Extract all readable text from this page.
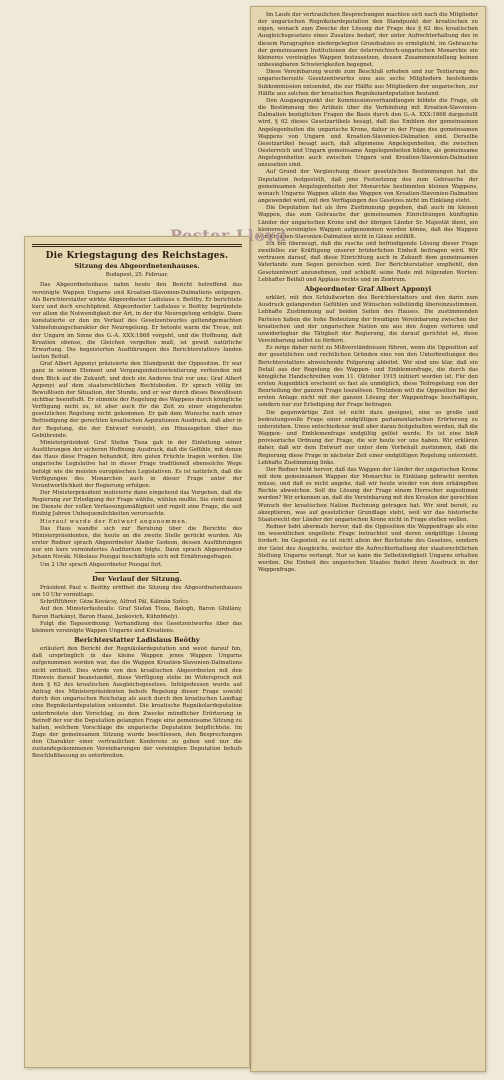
Im Laufe der vertraulichen Besprechungen machten sich nach die Mitglieder der ungarischen Regnikolardeputation den Standpunkt der kroatischen zu eigen, wonach zum Zwecke der Lösung der Frage des § 62 des kroatischen Ausgleichsgesetzes eines Zusatzes bedarf, der unter Aufrechterhaltung des in diesem Paragraphen niedergelegten Grundsatzes es ermöglicht, im Gebrauche der gemeinsamen Institutionen der österreichisch-ungarischen Monarchie ein kleineres vereinigtes Wappen festzusetzen, dessen Zusammenstellung keinen unbesiegbaren Schwierigkeiten begegnet.

Diese Vereinbarung wurde zum Beschluß erhoben und zur Textierung des ungarischerseits Gesetzentwurfes eine aus sechs Mitgliedern bestehende Subkommission entsendet, die zur Hälfte aus Mitgliedern der ungarischen, zur Hälfte aus solchen der kroatischen Regnikolardeputation bestand.

Den Ausgangspunkt der Kommissionsverhandlungen bildete die Frage, ob die Bestimmung des Artikels über die Verbindung mit Kroatien-Slavonien-Dalmatien bezüglichen Fragen die Basis durch den G.-A. XXX:1868 dargestellt wird, § 62 dieses Gesetzartikels besagt, daß das Emblem der gemeinsamen Angelegenheiten die ungarische Krone, daher in der Frage des gemeinsamen Wappens von Ungarn und Kroatien-Slavonien-Dalmatien sind. Derselbe Gesetzartikel besagt auch, daß allgemeine Angelegenheiten, die zwischen Oesterreich und Ungarn gemeinsame Angelegenheiten bilden, als gemeinsame Angelegenheiten auch zwischen Ungarn und Kroatien-Slavonien-Dalmatien anzusehen sind.

Auf Grund der Vergleichung dieser gesetzlichen Bestimmungen hat die Deputation festgestellt, daß jene Festsetzung des zum Gebrauche der gemeinsamen Angelegenheiten der Monarchie bestimmten kleinen Wappens, wonach Ungarns Wappen allein das Wappen von Kroatien-Slavonien-Dalmatien angewendet wird, mit den Verfügungen des Gesetzes nicht im Einklang steht.

Die Deputation hat als ihre Zustimmung gegeben, daß auch im kleinen Wappen, das zum Gebrauche der gemeinsamen Einrichtungen künftighin Länder der ungarischen Krone und der übrigen Länder Sr. Majestät dient, ein kleineres vereinigtes Wappen aufgenommen werden könne, daß das Wappen von Kroatien-Slavonien-Dalmatien nicht in Gänze entfällt.

Ich bin überzeugt, daß die rasche und befriedigende Lösung dieser Frage zweifellos zur Kräftigung unserer brüderlichen Einheit beitragen wird. Wir vertrauen darauf, daß diese Einrichtung auch in Zukunft dem gemeinsamen Vaterlande zum Segen gereichen wird. Der Berichterstatter empfiehlt, den Gesetzentwurf anzunehmen, und schließt seine Rede mit folgenden Worten: Lebhafter Beifall und Applaus rechts und im Zentrum.

Abgeordneter Graf Albert Apponyi

erklärt, mit den Schlußworten des Berichterstatters und den darin zum Ausdruck gelangenden Gefühlen und Wünschen vollständig übereinzustimmen. Lebhafte Zustimmung auf beiden Seiten des Hauses. Die zustimmenden Parteien haben die hohe Bedeutung der freudigen Vereinbarung zwischen der kroatischen und der ungarischen Nation nie aus den Augen verloren und unwiderlegbar die Tätigkeit der Regierung, die darauf gerichtet ist, diese Vereinbarung selbst zu fördern.

Es möge daher nicht zu Mißverständnissen führen, wenn die Opposition auf der gesetzlichen und rechtlichen Gründen eine von den Unterbreitungen des Berichterstatters abweichende Folgerung ableitet. Wir sind uns klar, daß ein Detail aus der Regelung des Wappen- und Emblemenfrage, die durch das königliche Handschreiben vom 11. Oktober 1915 initiiert worden ist. Für den ersten Augenblick erscheint es fast als unmöglich, diese Teilregelung von der Beurteilung der ganzen Frage loszulösen. Trotzdem will die Opposition bei der ersten Anlage nicht mit der ganzen Lösung der Wappenfrage beschäftigen, sondern nur zur Erledigung der Frage beitragen.

Die gegenwärtige Zeit ist nicht dazu geeignet, eine so große und bedeutungsvolle Frage einer endgültigen parlamentarischen Erörterung zu unterziehen. Umso entschiedener muß aber daran festgehalten werden, daß die Wappen- und Emblemenfrage endgültig gelöst werde. Es ist eine bloß provisorische Ordnung der Frage, die wir heute vor uns haben. Wir erklären daher, daß wir dem Entwurf nur unter dem Vorbehalt zustimmen, daß die Regierung diese Frage in nächster Zeit einer endgültigen Regelung unterzieht. Lebhafte Zustimmung links.

Der Redner hebt hervor, daß das Wappen der Länder der ungarischen Krone mit dem gemeinsamen Wappen der Monarchie in Einklang gebracht werden müsse, und daß es nicht angehe, daß wir heute wieder von dem erkämpften Rechte abweichen. Soll die Lösung der Frage einem Herrscher zugestimmt werden? Wir erkennen an, daß die Vereinbarung mit den Kroaten der gerechten Wunsch der kroatischen Nation Rechnung getragen hat. Wir sind bereit, zu akzeptieren, was auf gesetzlicher Grundlage steht, weil wir das historische Staatsrecht der Länder der ungarischen Krone nicht in Frage stellen wollen.

Redner hebt abermals hervor, daß die Opposition die Wappenfrage als eine im wesentlichen ungelöste Frage betrachtet und deren endgültige Lösung fordert. Im Gegenteil, es ist nicht allein der Buchstabe des Gesetzes, sondern der Geist des Ausgleichs, welcher die Aufrechterhaltung der staatsrechtlichen Stellung Ungarns verlangt. Nur so kann die Selbständigkeit Ungarns erhalten werden. Die Einheit des ungarischen Staates findet ihren Ausdruck in der Wappenfrage.

Die Kriegstagung des Reichstages.
Sitzung des Abgeordnetenhauses.
Budapest, 25. Februar.

Das Abgeordnetenhaus nahm heute den Bericht betreffend das vereinigte Wappen Ungarns und Kroatien-Slavonien-Dalmatiens entgegen. Als Berichterstatter wirkte Abgeordneter Ladislaus v. Beöthy. Er berichtete kurz und doch erschöpfend. Abgeordneter Ladislaus v. Beöthy begründete vor allem die Notwendigkeit der Art, in der die Neuregelung erfolgte. Dann konstatierte er den im Verlauf des Gesetzentwurfes geltendgemachten Vahnehmungscharakter der Neuregelung. Er betonte warm die Treue, mit der Ungarn im Sinne des G.-A. XXX:1868 vorgeht, und die Hoffnung, daß Kroatien ebenso, die Gleichen vergelten muß, ist gewiß natürliche Erwartung. Die begeisterten Ausführungen des Berichterstatters fanden lauten Beifall.

Graf Albert Apponyi präzisierte den Standpunkt der Opposition. Er war ganz in seinem Element und Vergangenheitsorientierung verbunden mit dem Blick auf die Zukunft, und doch ein Anderes trat vor uns: Graf Albert Apponyi auf dem staatsrechtlichen Rechtsboden. Er sprach völlig im Bewußtsein der Situation, der Stunde, und er war durch dieses Bewußtsein sichtbar beeinflußt. Er stimmte der Regelung des Wappens durch königliche Verfügung nicht zu, ist aber auch für die Zeit zu einer eingehenden gesetzlichen Regelung nicht gekommen. Er gab dem Wunsche nach einer Befriedigung der gerechten kroatischen Aspirationen Ausdruck, daß aber in der Regelung, die der Entwurf vorsieht, ein Hinausgehen über das Gebührende.

Ministerpräsident Graf Stefan Tisza gab in der Einleitung seiner Ausführungen der sicheren Hoffnung Ausdruck, daß die Gefühle, mit denen das Haus diese Fragen behandelt, ihre guten Früchte tragen werden. Die ungarische Legislative hat in dieser Frage traditionell ebensolche Wege befolgt wie die meisten europäischen Legislativen. Es ist natürlich, daß die Verfügungen des Monarchen auch in dieser Frage unter der Verantwortlichkeit der Regierung erfolgen.

Der Ministerpräsident motivierte dann eingehend das Vorgehen, daß die Regierung zur Erledigung der Frage wählte, wählen mußte. Sie steht damit im Dienste der vollen Verfassungsmäßigkeit und regelt eine Frage, die seit fünfzig Jahren Unbequemlichkeiten verursachte.

Hierauf wurde der Entwurf angenommen.

Das Haus wandte sich zur Beratung über die Berichte des Ministerpräsidenten, die heute an die zweite Stelle gerückt wurden. Als erster Redner sprach Abgeordneter Alador Gedeon, dessen Ausführungen nur ein kurz vermindertes Auditorium folgte. Dann sprach Abgeordneter Johann Novák. Nikolaus Pozsgai beschäftigte sich mit Ernährungsfragen.

Um 2 Uhr sprach Abgeordneter Pozsgai fort.

Der Verlauf der Sitzung.

Präsident Paul v. Beöthy eröffnet die Sitzung des Abgeordnetenhauses um 10 Uhr vormittags.

Schriftführer: Géza Kovácsy, Alfred Pál, Kálmán Szőcs.

Auf den Ministerfauteuils: Graf Stefan Tisza, Balogh, Baron Ghillány, Baron Harkányi, Baron Hazai, Jankovich, Kühnbhelyi.

Folgt die Tagesordnung: Verhandlung des Gesetzentwurfes über das kleinere vereinigte Wappen Ungarns und Kroatiens.

Berichterstatter Ladislaus Beöthy

erläutert den Bericht der Regnikolardeputation und weist darauf hin, daß ursprünglich in das kleine Wappen jenes Wappen Ungarns aufgenommen worden war, das die Wappen Kroatien-Slavonien-Dalmatiens nicht enthielt. Dies würde von den kroatischen Abgeordneten mit den Hinweis darauf beanstandet, diese Verfügung stehe im Widerspruch mit dem § 62 des kroatischen Ausgleichsgesetzes. Infolgedessen wurde auf Antrag des Ministerpräsidenten behufs Regelung dieser Frage sowohl durch den ungarischen Reichstag als auch durch den kroatischen Landtag eine Regnikolardeputation entsendet. Die kroatische Regnikolardeputation unterbreitete den Vorschlag, zu dem Zwecke mündlicher Erörterung in Betreff der vor die Deputation gelangten Frage eine gemeinsame Sitzung zu halten, welchem Vorschlage die ungarische Deputation beipflichtete. Im Zuge der gemeinsamen Sitzung wurde beschlossen, den Besprechungen den Charakter einer vertraulichen Konferenz zu geben und nur die zustandegekommenen Vereinbarungen der vereinigten Deputation behufs Beschlußfassung zu unterbreiten.
